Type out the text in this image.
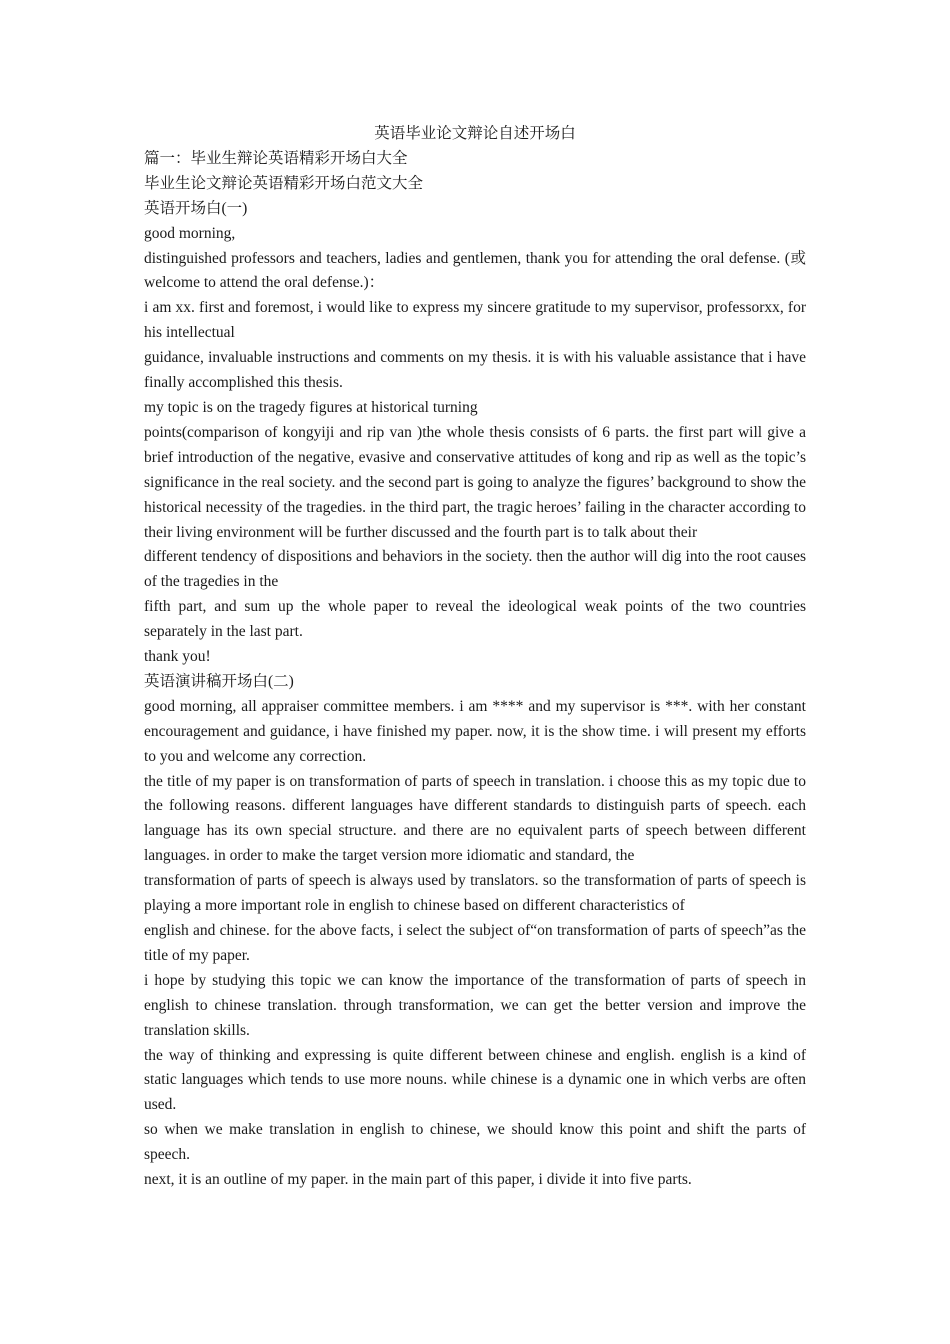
英语毕业论文辩论自述开场白
篇一：毕业生辩论英语精彩开场白大全
毕业生论文辩论英语精彩开场白范文大全
英语开场白(一)
good morning,
distinguished professors and teachers, ladies and gentlemen, thank you for attending the oral defense. (或 welcome to attend the oral defense.)：
i am xx. first and foremost, i would like to express my sincere gratitude to my supervisor, professorxx, for his intellectual
guidance, invaluable instructions and comments on my thesis. it is with his valuable assistance that i have finally accomplished this thesis.
my topic is on the tragedy figures at historical turning
points(comparison of kongyiji and rip van )the whole thesis consists of 6 parts. the first part will give a brief introduction of the negative, evasive and conservative attitudes of kong and rip as well as the topic’s significance in the real society. and the second part is going to analyze the figures’ background to show the historical necessity of the tragedies. in the third part, the tragic heroes’ failing in the character according to their living environment will be further discussed and the fourth part is to talk about their
different tendency of dispositions and behaviors in the society. then the author will dig into the root causes of the tragedies in the
fifth part, and sum up the whole paper to reveal the ideological weak points of the two countries separately in the last part.
thank you!
英语演讲稿开场白(二)
good morning, all appraiser committee members. i am **** and my supervisor is ***. with her constant encouragement and guidance, i have finished my paper. now, it is the show time. i will present my efforts to you and welcome any correction.
the title of my paper is on transformation of parts of speech in translation. i choose this as my topic due to the following reasons. different languages have different standards to distinguish parts of speech. each language has its own special structure. and there are no equivalent parts of speech between different languages. in order to make the target version more idiomatic and standard, the
transformation of parts of speech is always used by translators. so the transformation of parts of speech is playing a more important role in english to chinese based on different characteristics of
english and chinese. for the above facts, i select the subject of“on transformation of parts of speech”as the title of my paper.
i hope by studying this topic we can know the importance of the transformation of parts of speech in english to chinese translation. through transformation, we can get the better version and improve the translation skills.
the way of thinking and expressing is quite different between chinese and english. english is a kind of static languages which tends to use more nouns. while chinese is a dynamic one in which verbs are often used.
so when we make translation in english to chinese, we should know this point and shift the parts of speech.
next, it is an outline of my paper. in the main part of this paper, i divide it into five parts.
